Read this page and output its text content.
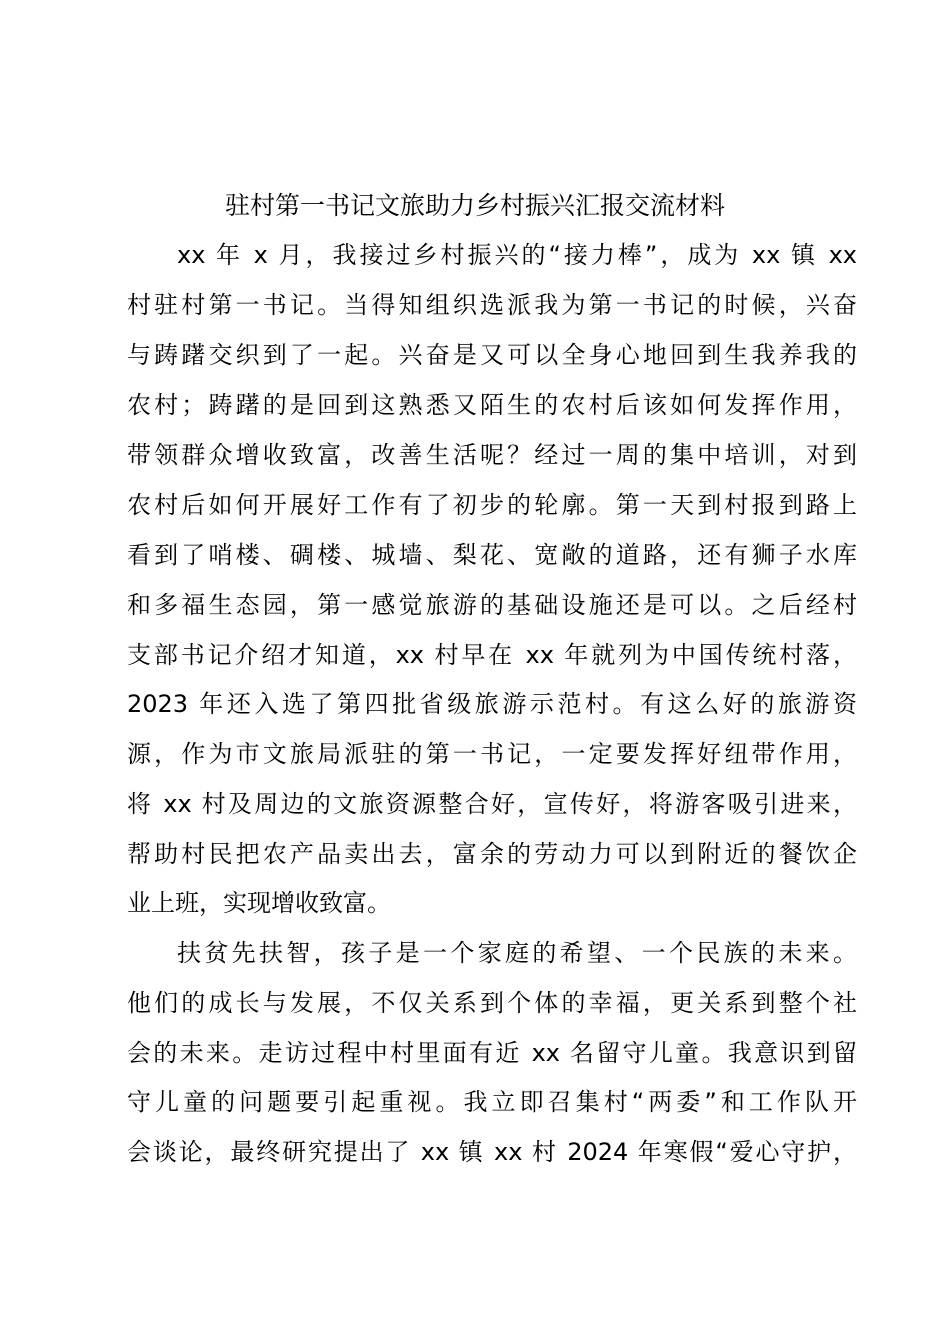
驻村第一书记文旅助力乡村振兴汇报交流材料
xx 年 x 月，我接过乡村振兴的“接力棒”，成为 xx 镇 xx
村驻村第一书记。当得知组织选派我为第一书记的时候，兴奋
与踌躇交织到了一起。兴奋是又可以全身心地回到生我养我的
农村；踌躇的是回到这熟悉又陌生的农村后该如何发挥作用，
带领群众增收致富，改善生活呢？经过一周的集中培训，对到
农村后如何开展好工作有了初步的轮廓。第一天到村报到路上
看到了哨楼、碉楼、城墙、梨花、宽敞的道路，还有狮子水库
和多福生态园，第一感觉旅游的基础设施还是可以。之后经村
支部书记介绍才知道，xx 村早在 xx 年就列为中国传统村落，
2023 年还入选了第四批省级旅游示范村。有这么好的旅游资
源，作为市文旅局派驻的第一书记，一定要发挥好纽带作用，
将 xx 村及周边的文旅资源整合好，宣传好，将游客吸引进来，
帮助村民把农产品卖出去，富余的劳动力可以到附近的餐饮企
业上班，实现增收致富。
扶贫先扶智，孩子是一个家庭的希望、一个民族的未来。
他们的成长与发展，不仅关系到个体的幸福，更关系到整个社
会的未来。走访过程中村里面有近 xx 名留守儿童。我意识到留
守儿童的问题要引起重视。我立即召集村“两委”和工作队开
会谈论，最终研究提出了 xx 镇 xx 村 2024 年寒假“爱心守护，
